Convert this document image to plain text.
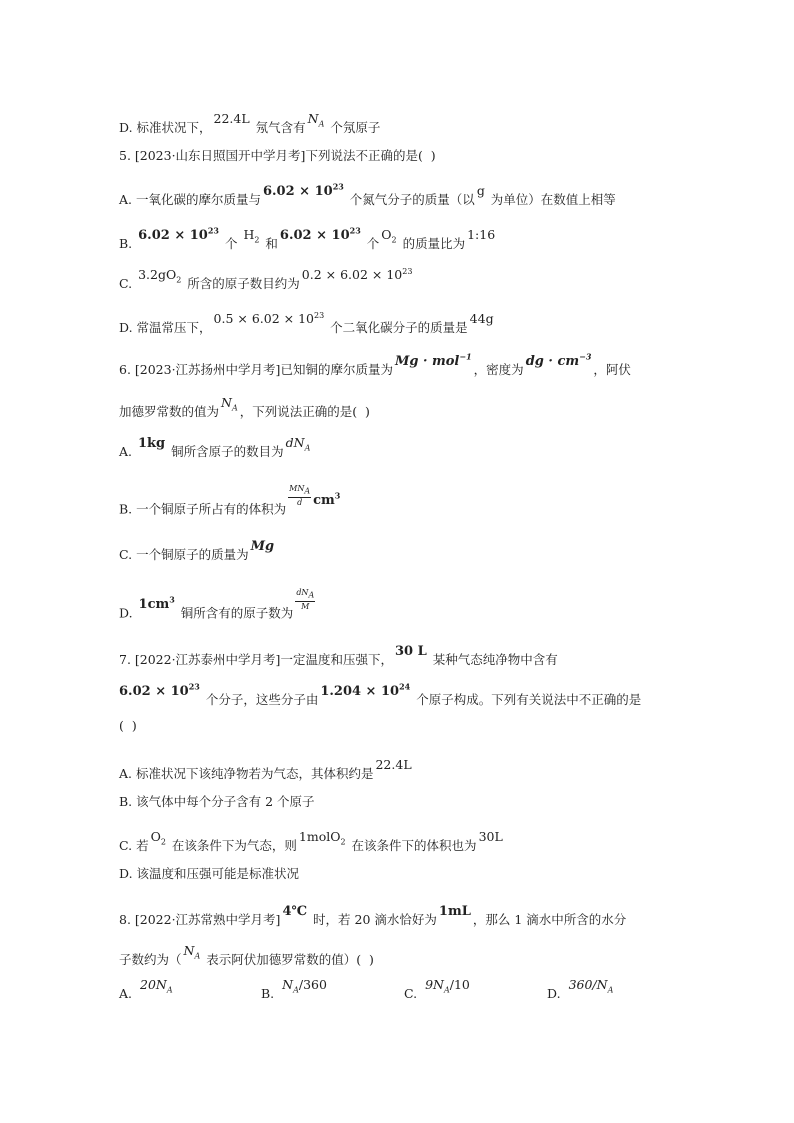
D. 标准状况下，22.4L 氖气含有$N_A$ 个氖原子
5. [2023·山东日照国开中学月考]下列说法不正确的是(  )
A. 一氧化碳的摩尔质量与$6.02 \times 10^{23}$ 个氮气分子的质量（以g 为单位）在数值上相等
B. $6.02 \times 10^{23}$ 个 $H_2$ 和$6.02 \times 10^{23}$ 个$O_2$ 的质量比为1:16
C. $3.2gO_2$ 所含的原子数目约为$0.2 \times 6.02 \times 10^{23}$
D. 常温常压下，$0.5 \times 6.02 \times 10^{23}$ 个二氧化碳分子的质量是44g
6. [2023·江苏扬州中学月考]已知铜的摩尔质量为Mg · mol$^{-1}$，密度为dg · $cm^{-3}$，阿伏
加德罗常数的值为$N_A$ ，下列说法正确的是(  )
A. 1kg 铜所含原子的数目为$dN_A$
B. 一个铜原子所占有的体积为
$\frac{MN_A}{d} cm^3$
C. 一个铜原子的质量为Mg
D. $1cm^3$ 铜所含有的原子数为
$\frac{dN_A}{M}$
7. [2022·江苏泰州中学月考]一定温度和压强下，30 L 某种气态纯净物中含有
$6.02 \times 10^{23}$ 个分子，这些分子由$1.204 \times 10^{24}$ 个原子构成。下列有关说法中不正确的是
(  )
A. 标准状况下该纯净物若为气态，其体积约是22.4L
B. 该气体中每个分子含有 2 个原子
C. 若$O_2$ 在该条件下为气态，则1molO$_2$ 在该条件下的体积也为30L
D. 该温度和压强可能是标准状况
8. [2022·江苏常熟中学月考]4℃ 时，若 20 滴水恰好为1mL，那么 1 滴水中所含的水分
子数约为（$N_A$ 表示阿伏加德罗常数的值）(  )
$A.20N_A$	$B.N_A/360$
$C.9N_A/10$
$D.360/N_A$
